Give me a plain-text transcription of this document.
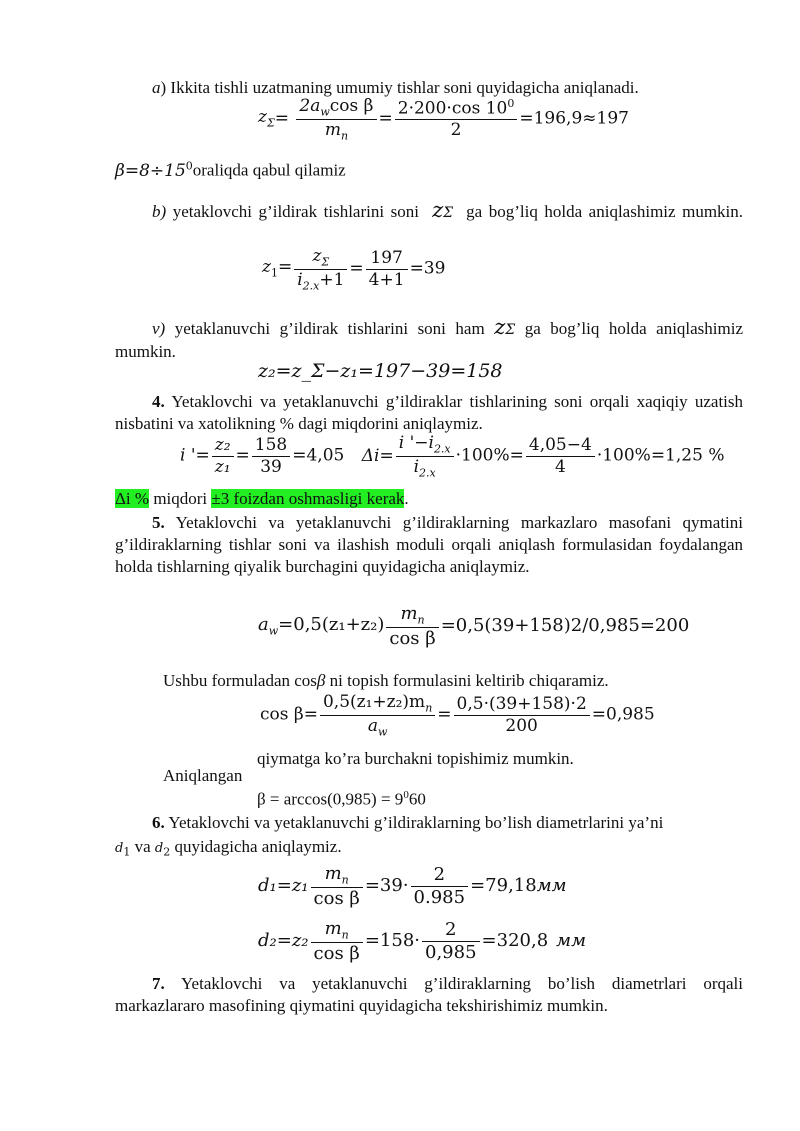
a) Ikkita tishli uzatmaning umumiy tishlar soni quyidagicha aniqlanadi.
$z_\Sigma= \frac{2a_w\cos \beta}{m_n} = \frac{2\cdot 200\cdot\cos 10^0}{2} =196,9\approx 197$
$\beta=8\div 15^0oraliqda$ qabul qilamiz
b) yetaklovchi g’ildirak tishlarini soni zΣ ga bog’liq holda aniqlashimiz mumkin.
$z_1= \frac{z_\Sigma}{i_{2.x}+1} = \frac{197}{4+1} =39$
v) yetaklanuvchi g’ildirak tishlarini soni ham zΣ ga bog’liq holda aniqlashimiz mumkin.
z₂=z_Σ−z₁=197−39=158
4. Yetaklovchi va yetaklanuvchi g’ildiraklar tishlarining soni orqali xaqiqiy uzatish nisbatini va xatolikning % dagi miqdorini aniqlaymiz.
i '= $\frac{\text{z₂}}{\text{z₁}} = \frac{158}{39} =4,05$ $\Delta i= \frac{i '-i_{2.x}}{i_{2.x}} \cdot 100\%= \frac{4,05-4}{4} \cdot 100\%=1,25$ %
Δi % miqdori ±3 foizdan oshmasligi kerak.
5. Yetaklovchi va yetaklanuvchi g’ildiraklarning markazlaro masofani qymatini g’ildiraklarning tishlar soni va ilashish moduli orqali aniqlash formulasidan foydalangan holda tishlarning qiyalik burchagini quyidagicha aniqlaymiz.
$a_w=0,5(z_1+z_2) \frac{m_n}{\text{cos β}} =0,5(39+158)2/0,985=200$
Ushbu formuladan cosβ ni topish formulasini keltirib chiqaramiz.
$\cos \beta= \frac{0,5(z_1+z_2)m_n}{a_w} = \frac{0,5\cdot(39+158)\cdot 2}{200} =0,985$
qiymatga ko’ra burchakni topishimiz mumkin.
Aniqlangan
$\beta = \arccos(0,985) = 9^060$
6. Yetaklovchi va yetaklanuvchi g’ildiraklarning bo’lish diametrlarini ya’ni
$d_1$ va $d_2$ quyidagicha aniqlaymiz.
$d_1=z_1 \frac{m_n}{\text{cos β}} =39\cdot \frac{2}{0.985} =79,18мм$
$d_2=z_2 \frac{m_n}{\text{cos β}} =158\cdot \frac{2}{0,985} =320,8$ мм
7. Yetaklovchi va yetaklanuvchi g’ildiraklarning bo’lish diametrlari orqali markazlararo masofining qiymatini quyidagicha tekshirishimiz mumkin.
